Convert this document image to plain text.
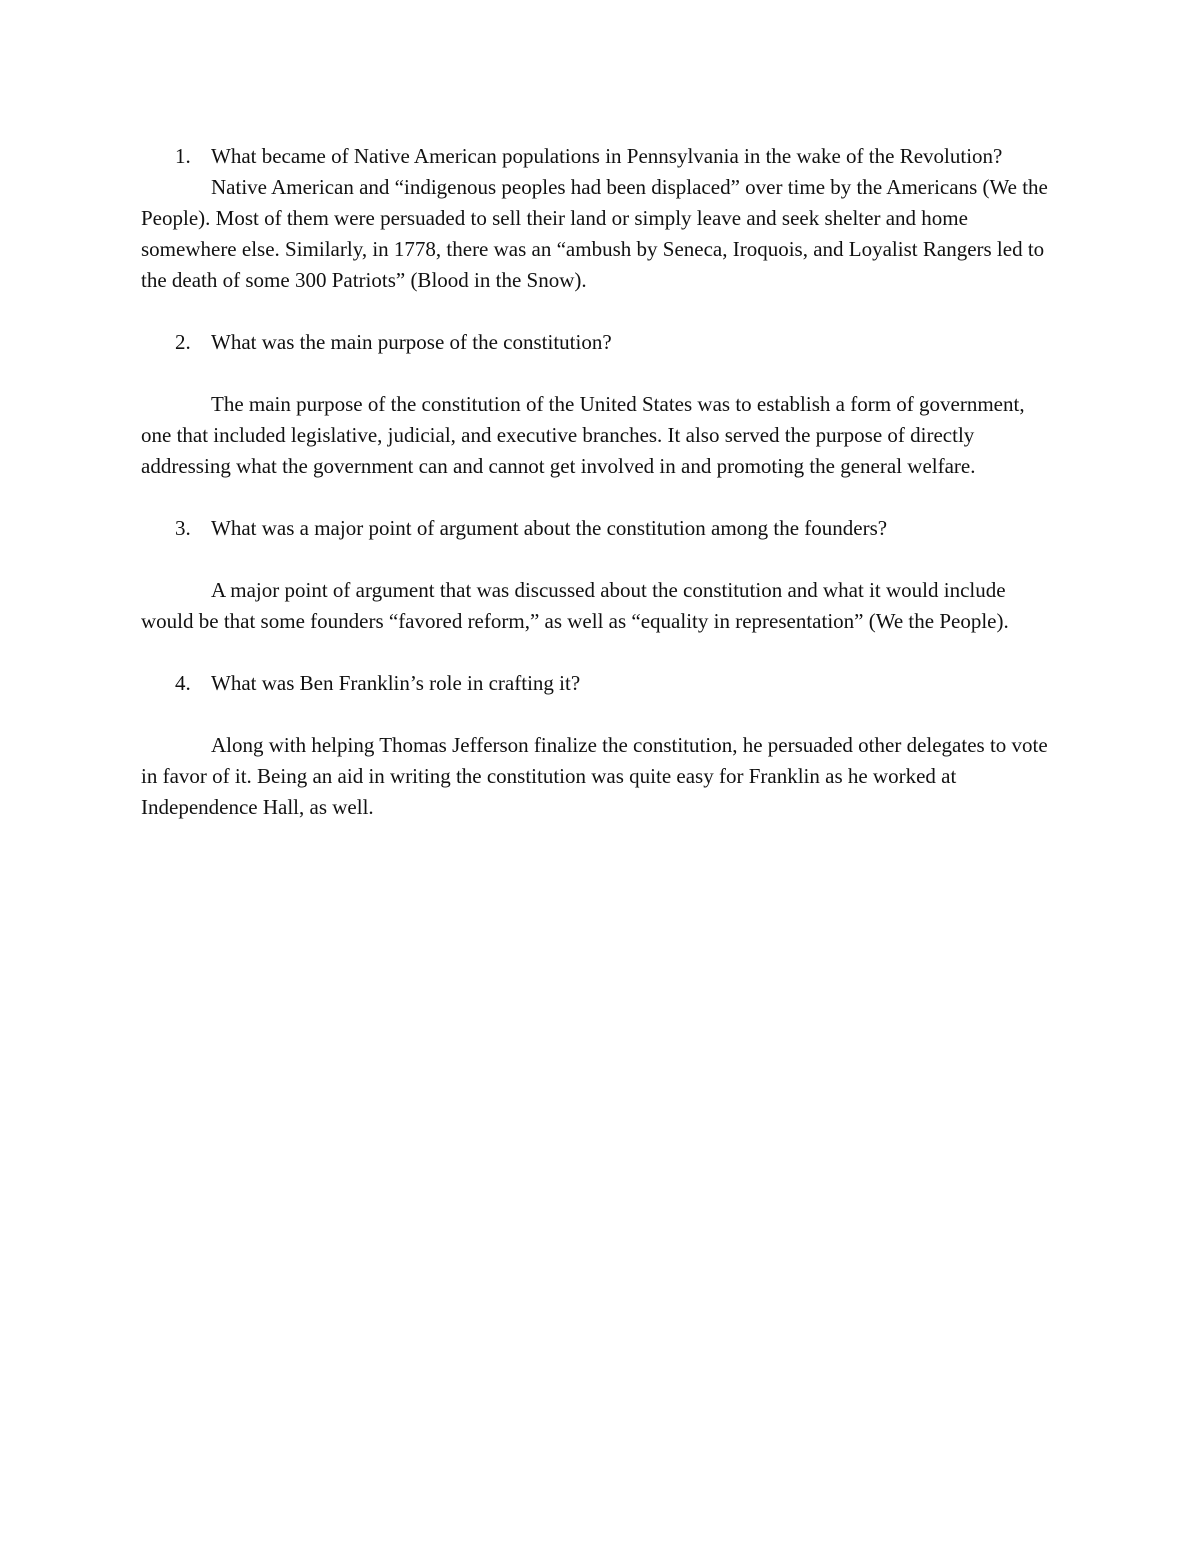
1. What became of Native American populations in Pennsylvania in the wake of the Revolution?

Native American and “indigenous peoples had been displaced” over time by the Americans (We the People). Most of them were persuaded to sell their land or simply leave and seek shelter and home somewhere else. Similarly, in 1778, there was an “ambush by Seneca, Iroquois, and Loyalist Rangers led to the death of some 300 Patriots” (Blood in the Snow).

2. What was the main purpose of the constitution?

The main purpose of the constitution of the United States was to establish a form of government, one that included legislative, judicial, and executive branches. It also served the purpose of directly addressing what the government can and cannot get involved in and promoting the general welfare.

3. What was a major point of argument about the constitution among the founders?

A major point of argument that was discussed about the constitution and what it would include would be that some founders “favored reform,” as well as “equality in representation” (We the People).

4. What was Ben Franklin’s role in crafting it?

Along with helping Thomas Jefferson finalize the constitution, he persuaded other delegates to vote in favor of it. Being an aid in writing the constitution was quite easy for Franklin as he worked at Independence Hall, as well.
